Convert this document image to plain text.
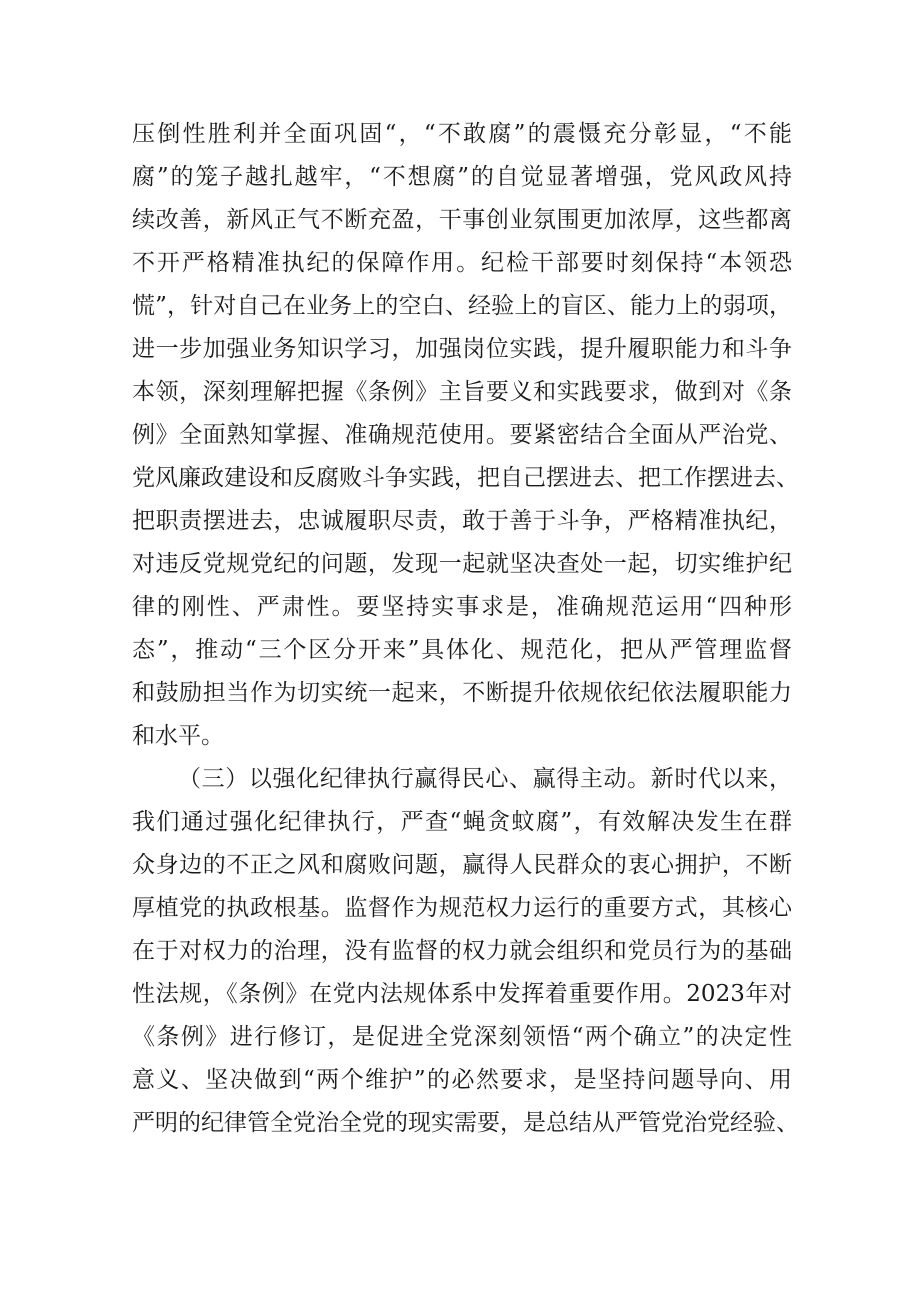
压倒性胜利并全面巩固“，“不敢腐”的震慑充分彰显，“不能
腐”的笼子越扎越牢，“不想腐”的自觉显著增强，党风政风持
续改善，新风正气不断充盈，干事创业氛围更加浓厚，这些都离
不开严格精准执纪的保障作用。纪检干部要时刻保持“本领恐
慌”，针对自己在业务上的空白、经验上的盲区、能力上的弱项，
进一步加强业务知识学习，加强岗位实践，提升履职能力和斗争
本领，深刻理解把握《条例》主旨要义和实践要求，做到对《条
例》全面熟知掌握、准确规范使用。要紧密结合全面从严治党、
党风廉政建设和反腐败斗争实践，把自己摆进去、把工作摆进去、
把职责摆进去，忠诚履职尽责，敢于善于斗争，严格精准执纪，
对违反党规党纪的问题，发现一起就坚决查处一起，切实维护纪
律的刚性、严肃性。要坚持实事求是，准确规范运用“四种形
态”，推动“三个区分开来”具体化、规范化，把从严管理监督
和鼓励担当作为切实统一起来，不断提升依规依纪依法履职能力
和水平。
（三）以强化纪律执行赢得民心、赢得主动。新时代以来，
我们通过强化纪律执行，严查“蝇贪蚊腐”，有效解决发生在群
众身边的不正之风和腐败问题，赢得人民群众的衷心拥护，不断
厚植党的执政根基。监督作为规范权力运行的重要方式，其核心
在于对权力的治理，没有监督的权力就会组织和党员行为的基础
性法规，《条例》在党内法规体系中发挥着重要作用。2023年对
《条例》进行修订，是促进全党深刻领悟“两个确立”的决定性
意义、坚决做到“两个维护”的必然要求，是坚持问题导向、用
严明的纪律管全党治全党的现实需要，是总结从严管党治党经验、
